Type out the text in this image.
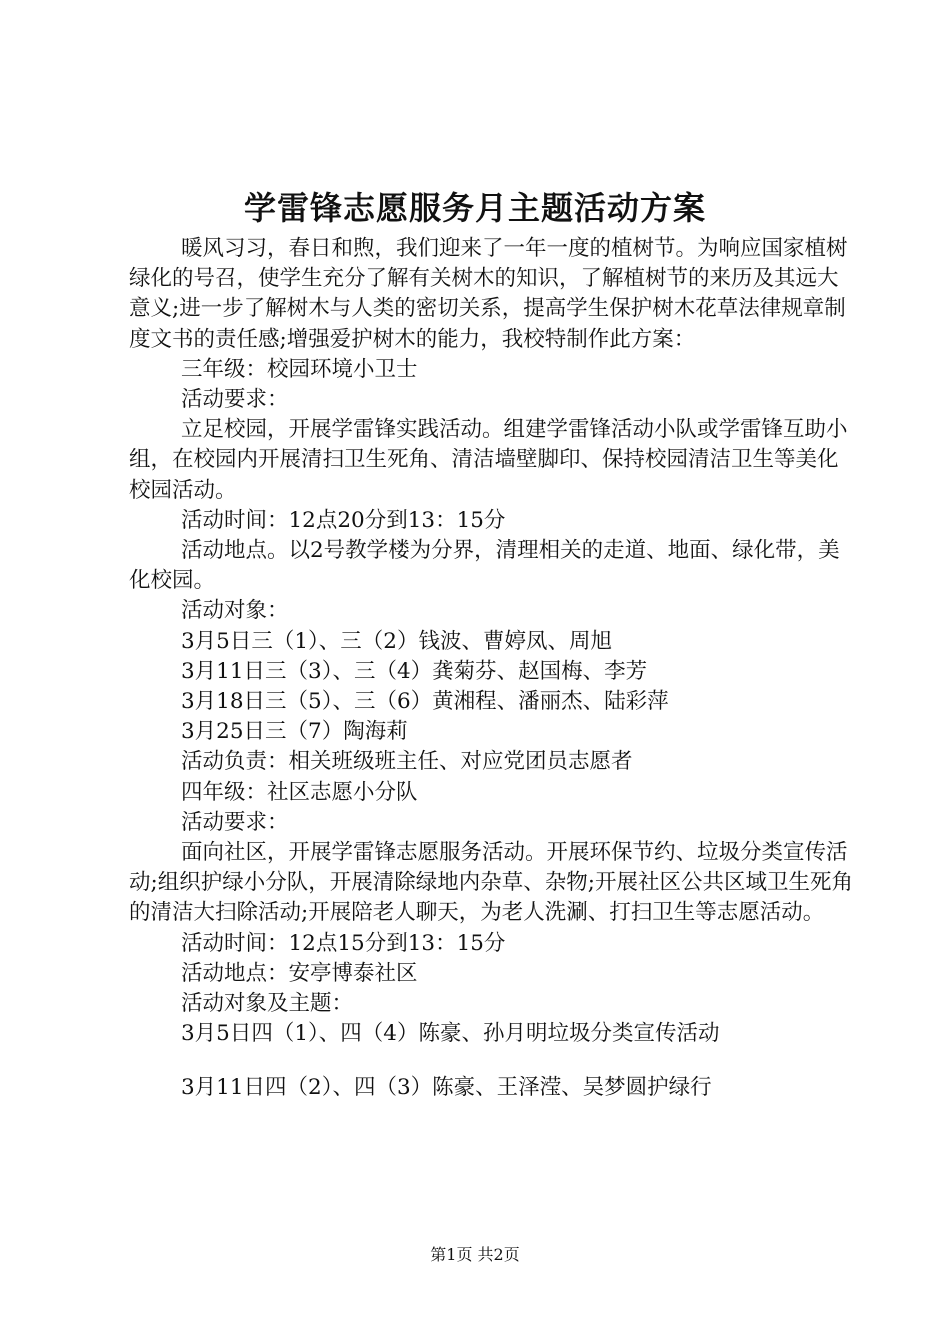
学雷锋志愿服务月主题活动方案

暖风习习，春日和煦，我们迎来了一年一度的植树节。为响应国家植树绿化的号召，使学生充分了解有关树木的知识，了解植树节的来历及其远大意义;进一步了解树木与人类的密切关系，提高学生保护树木花草法律规章制度文书的责任感;增强爱护树木的能力，我校特制作此方案：

三年级：校园环境小卫士

活动要求：

立足校园，开展学雷锋实践活动。组建学雷锋活动小队或学雷锋互助小组，在校园内开展清扫卫生死角、清洁墙壁脚印、保持校园清洁卫生等美化校园活动。

活动时间：12点20分到13：15分

活动地点。以2号教学楼为分界，清理相关的走道、地面、绿化带，美化校园。

活动对象：

3月5日三（1）、三（2）钱波、曹婷凤、周旭

3月11日三（3）、三（4）龚菊芬、赵国梅、李芳

3月18日三（5）、三（6）黄湘程、潘丽杰、陆彩萍

3月25日三（7）陶海莉

活动负责：相关班级班主任、对应党团员志愿者

四年级：社区志愿小分队

活动要求：

面向社区，开展学雷锋志愿服务活动。开展环保节约、垃圾分类宣传活动;组织护绿小分队，开展清除绿地内杂草、杂物;开展社区公共区域卫生死角的清洁大扫除活动;开展陪老人聊天，为老人洗涮、打扫卫生等志愿活动。

活动时间：12点15分到13：15分

活动地点：安亭博泰社区

活动对象及主题：

3月5日四（1）、四（4）陈豪、孙月明垃圾分类宣传活动

3月11日四（2）、四（3）陈豪、王泽滢、吴梦圆护绿行

第1页 共2页
